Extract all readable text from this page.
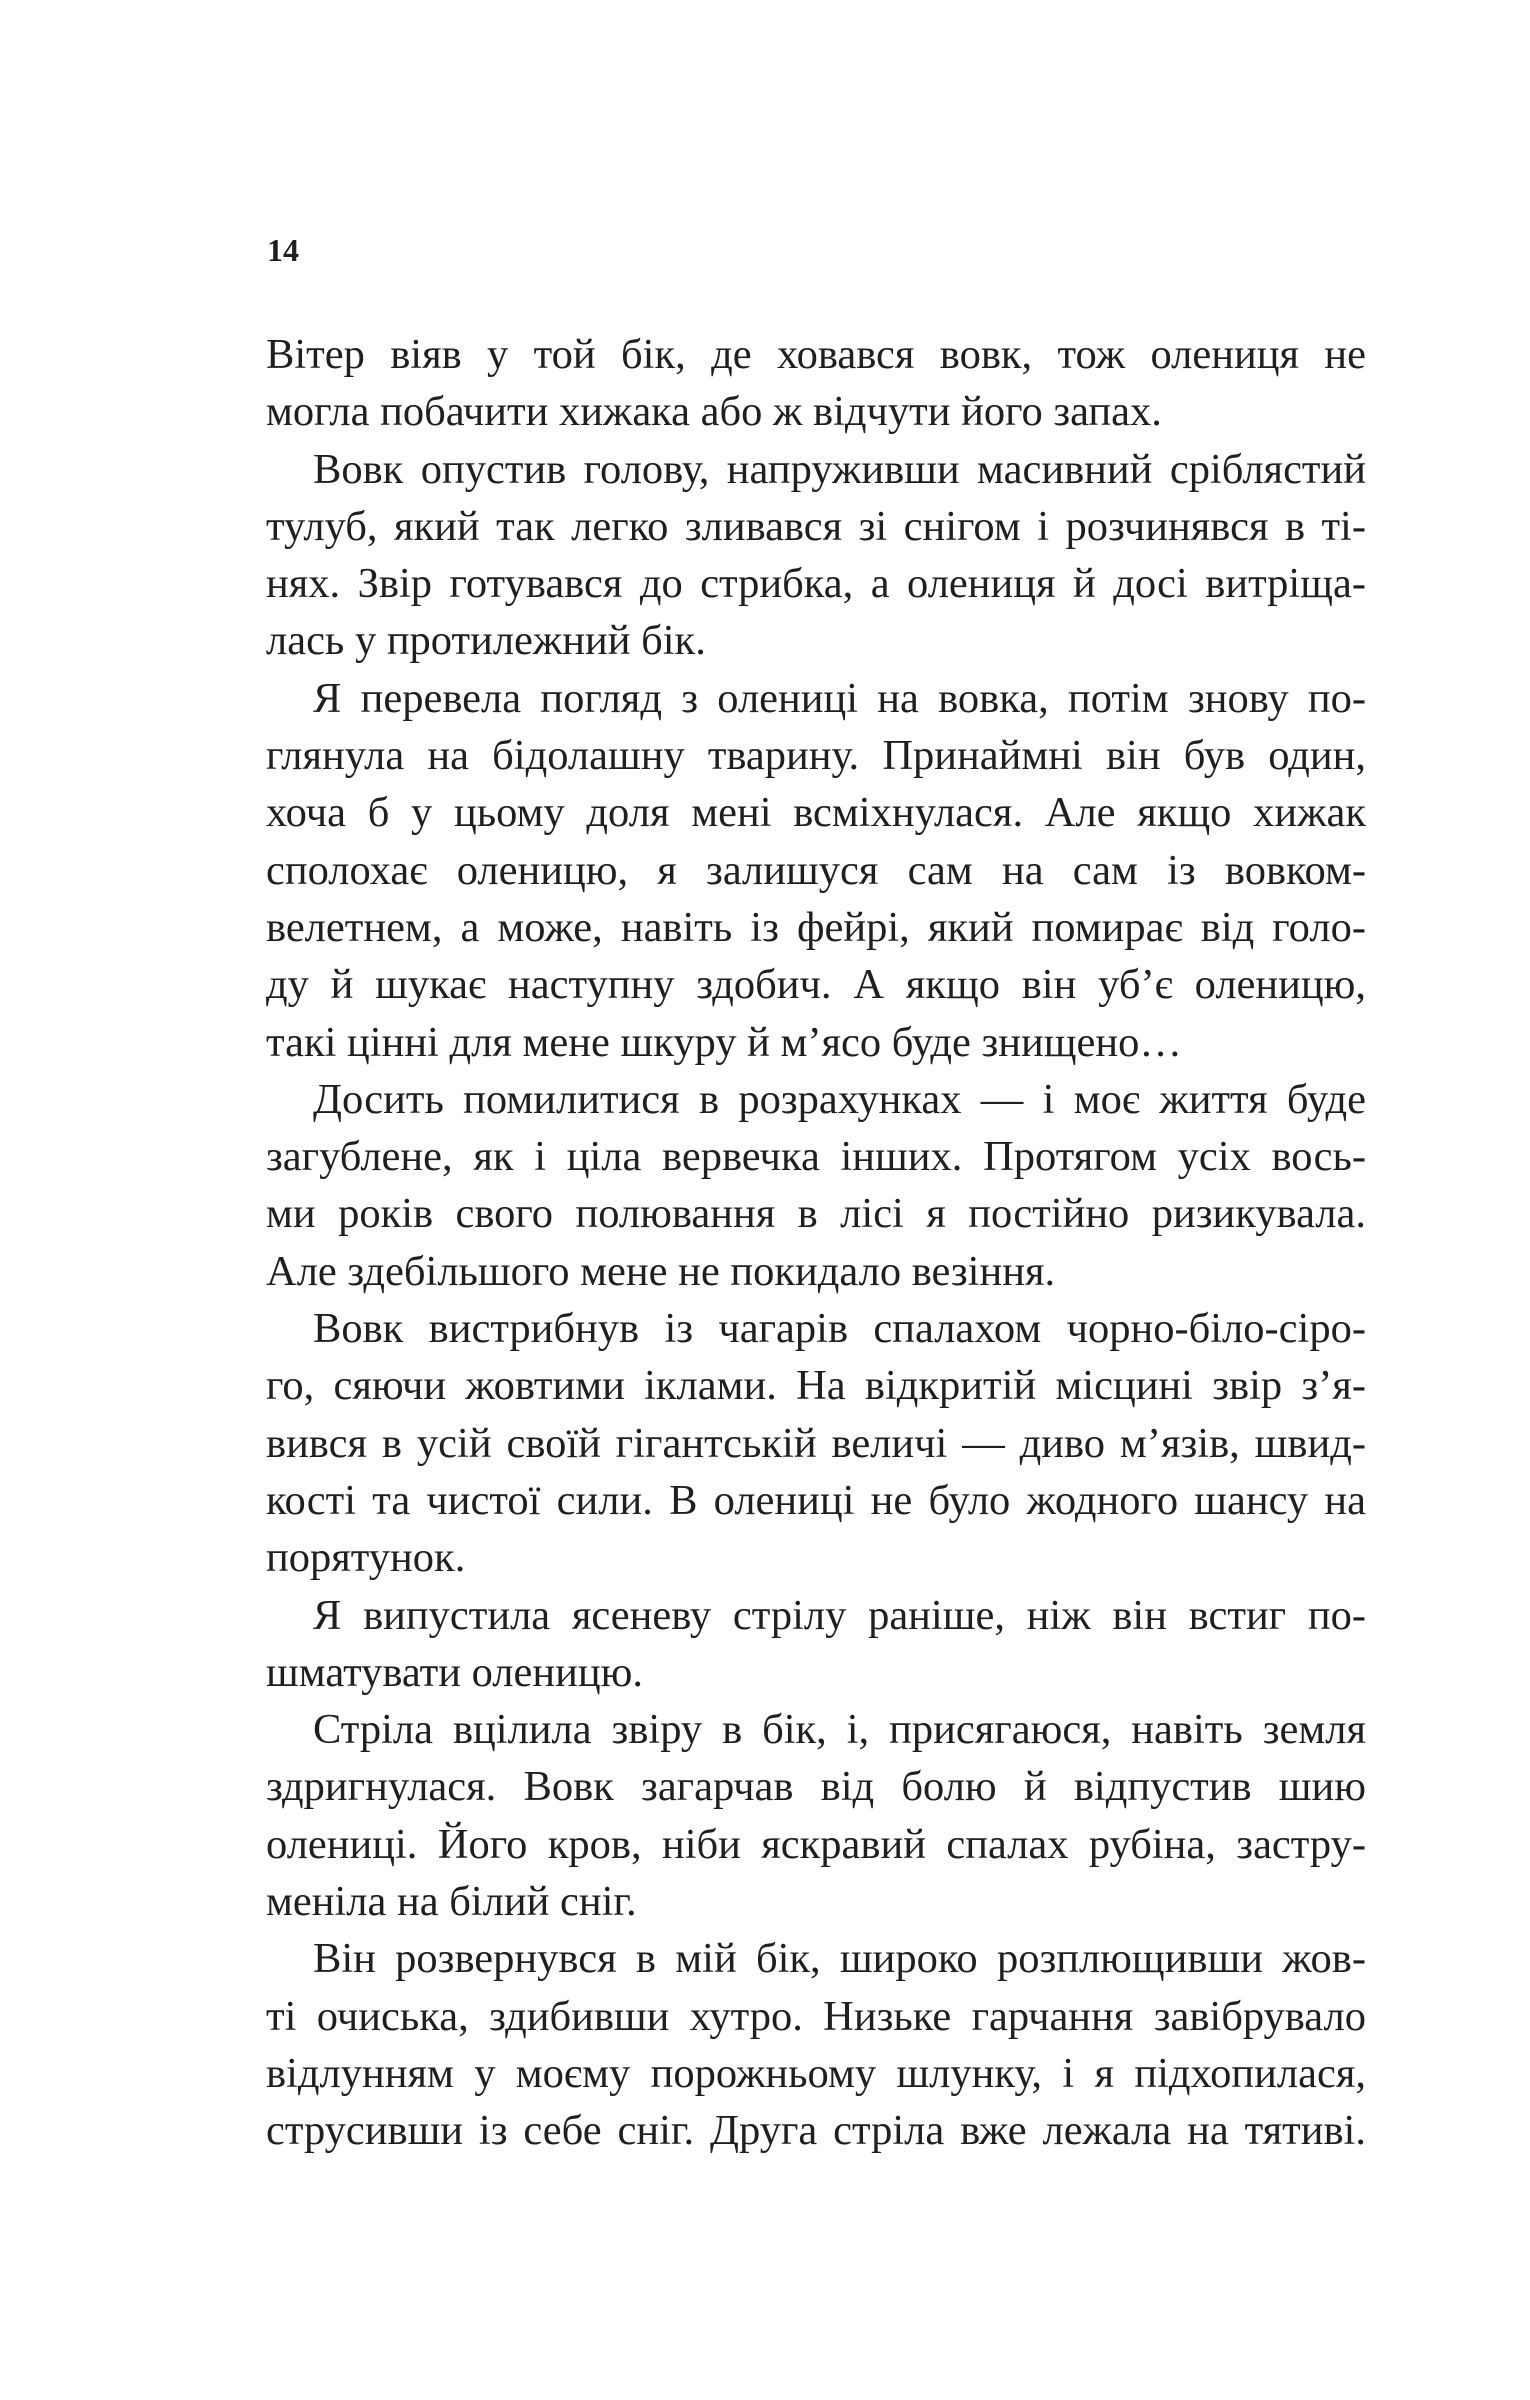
14
Вітер віяв у той бік, де ховався вовк, тож олениця не
могла побачити хижака або ж відчути його запах.
Вовк опустив голову, напруживши масивний сріблястий
тулуб, який так легко зливався зі снігом і розчинявся в ті-
нях. Звір готувався до стрибка, а олениця й досі витріща-
лась у протилежний бік.
Я перевела погляд з олениці на вовка, потім знову по-
глянула на бідолашну тварину. Принаймні він був один,
хоча б у цьому доля мені всміхнулася. Але якщо хижак
сполохає оленицю, я залишуся сам на сам із вовком-
велетнем, а може, навіть із фейрі, який помирає від голо-
ду й шукає наступну здобич. А якщо він уб’є оленицю,
такі цінні для мене шкуру й м’ясо буде знищено…
Досить помилитися в розрахунках — і моє життя буде
загублене, як і ціла вервечка інших. Протягом усіх вось-
ми років свого полювання в лісі я постійно ризикувала.
Але здебільшого мене не покидало везіння.
Вовк вистрибнув із чагарів спалахом чорно-біло-сіро-
го, сяючи жовтими іклами. На відкритій місцині звір з’я-
вився в усій своїй гігантській величі — диво м’язів, швид-
кості та чистої сили. В олениці не було жодного шансу на
порятунок.
Я випустила ясеневу стрілу раніше, ніж він встиг по-
шматувати оленицю.
Стріла вцілила звіру в бік, і, присягаюся, навіть земля
здригнулася. Вовк загарчав від болю й відпустив шию
олениці. Його кров, ніби яскравий спалах рубіна, застру-
меніла на білий сніг.
Він розвернувся в мій бік, широко розплющивши жов-
ті очиська, здибивши хутро. Низьке гарчання завібрувало
відлунням у моєму порожньому шлунку, і я підхопилася,
струсивши із себе сніг. Друга стріла вже лежала на тятиві.
